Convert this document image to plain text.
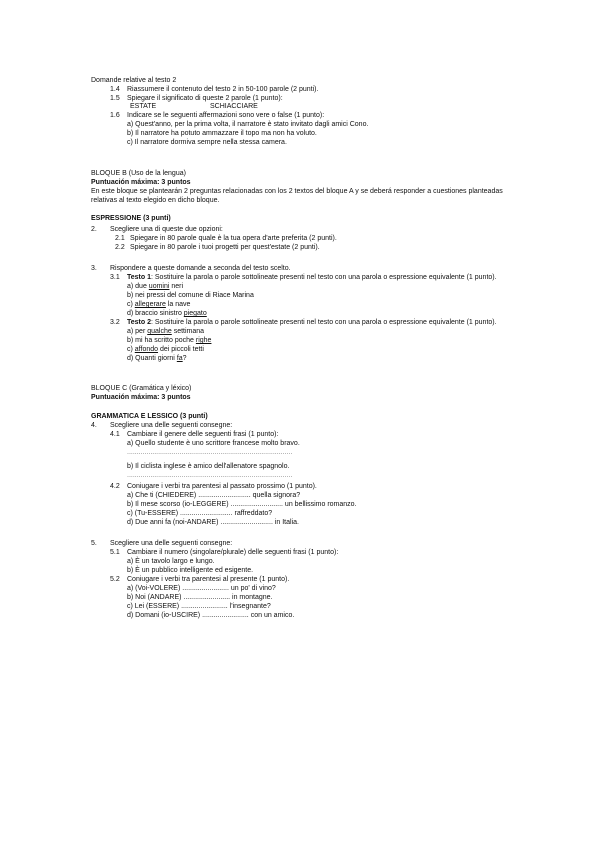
Domande relative al testo 2
1.4 Riassumere il contenuto del testo 2 in 50-100 parole (2 punti).
1.5 Spiegare il significato di queste 2 parole (1 punto):
ESTATE	SCHIACCIARE
1.6 Indicare se le seguenti affermazioni sono vere o false (1 punto):
a) Quest'anno, per la prima volta, il narratore è stato invitato dagli amici Cono.
b) Il narratore ha potuto ammazzare il topo ma non ha voluto.
c) Il narratore dormiva sempre nella stessa camera.
BLOQUE B (Uso de la lengua)
Puntuación máxima: 3 puntos
En este bloque se plantearán 2 preguntas relacionadas con los 2 textos del bloque A y se deberá responder a cuestiones planteadas
relativas al texto elegido en dicho bloque.
ESPRESSIONE (3 punti)
2. Scegliere una di queste due opzioni:
2.1 Spiegare in 80 parole quale è la tua opera d'arte preferita (2 punti).
2.2 Spiegare in 80 parole i tuoi progetti per quest'estate (2 punti).
3. Rispondere a queste domande a seconda del testo scelto.
3.1 Testo 1: Sostituire la parola o parole sottolineate presenti nel testo con una parola o espressione equivalente (1 punto).
a) due uomini neri
b) nei pressi del comune di Riace Marina
c) allegerare la nave
d) braccio sinistro piegato
3.2 Testo 2: Sostituire la parola o parole sottolineate presenti nel testo con una parola o espressione equivalente (1 punto).
a) per qualche settimana
b) mi ha scritto poche righe
c) affondo dei piccoli tetti
d) Quanti giorni fa?
BLOQUE C (Gramática y léxico)
Puntuación máxima: 3 puntos
GRAMMATICA E LESSICO (3 punti)
4. Scegliere una delle seguenti consegne:
4.1 Cambiare il genere delle seguenti frasi (1 punto):
a) Quello studente è uno scrittore francese molto bravo.
.....................................................................................
b) Il ciclista inglese è amico dell'allenatore spagnolo.
.....................................................................................
4.2 Coniugare i verbi tra parentesi al passato prossimo (1 punto).
a) Che ti (CHIEDERE) ........................... quella signora?
b) Il mese scorso (io-LEGGERE) ........................... un bellissimo romanzo.
c) (Tu-ESSERE) ........................... raffreddato?
d) Due anni fa (noi-ANDARE) ........................... in Italia.
5. Scegliere una delle seguenti consegne:
5.1 Cambiare il numero (singolare/plurale) delle seguenti frasi (1 punto):
a) È un tavolo largo e lungo.
b) È un pubblico intelligente ed esigente.
5.2 Coniugare i verbi tra parentesi al presente (1 punto).
a) (Voi-VOLERE) ........................ un po' di vino?
b) Noi (ANDARE) ........................ in montagne.
c) Lei (ESSERE) ........................ l'insegnante?
d) Domani (io-USCIRE) ........................ con un amico.
